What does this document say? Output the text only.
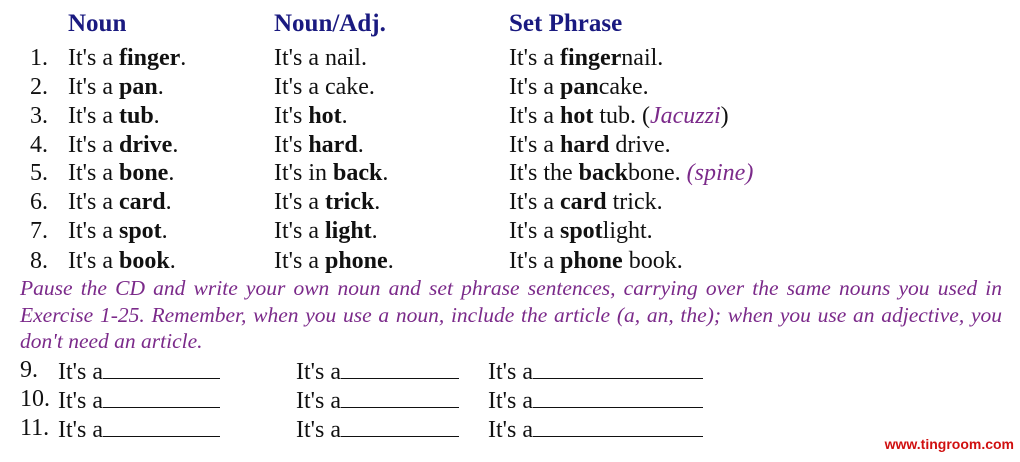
Noun	Noun/Adj.	Set Phrase
1. It's a finger.	It's a nail.	It's a fingernail.
2. It's a pan.	It's a cake.	It's a pancake.
3. It's a tub.	It's hot.	It's a hot tub. (Jacuzzi)
4. It's a drive.	It's hard.	It's a hard drive.
5. It's a bone.	It's in back.	It's the backbone. (spine)
6. It's a card.	It's a trick.	It's a card trick.
7. It's a spot.	It's a light.	It's a spotlight.
8. It's a book.	It's a phone.	It's a phone book.
Pause the CD and write your own noun and set phrase sentences, carrying over the same nouns you used in Exercise 1-25. Remember, when you use a noun, include the article (a, an, the); when you use an adjective, you don't need an article.
9. It's a	It's a	It's a
10. It's a	It's a	It's a
11. It's a	It's a	It's a
www.tingroom.com
